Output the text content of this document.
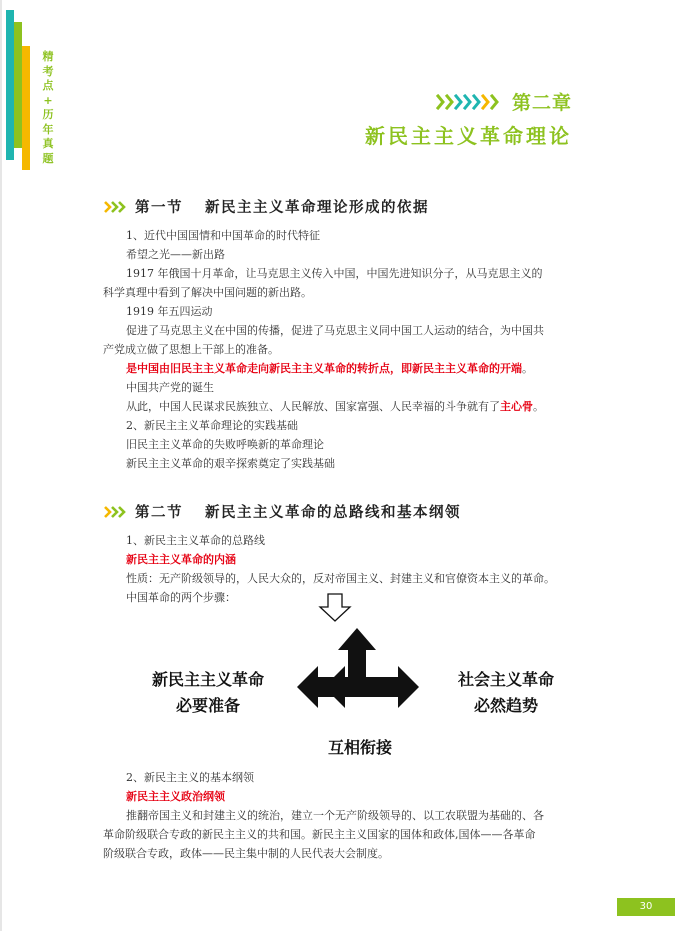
精
考
点
+
历
年
真
题
第二章
新民主主义革命理论
第一节 新民主主义革命理论形成的依据
1、近代中国国情和中国革命的时代特征
希望之光——新出路
1917 年俄国十月革命，让马克思主义传入中国，中国先进知识分子，从马克思主义的
科学真理中看到了解决中国问题的新出路。
1919 年五四运动
促进了马克思主义在中国的传播，促进了马克思主义同中国工人运动的结合，为中国共
产党成立做了思想上干部上的准备。
是中国由旧民主主义革命走向新民主主义革命的转折点，即新民主主义革命的开端。
中国共产党的诞生
从此，中国人民谋求民族独立、人民解放、国家富强、人民幸福的斗争就有了主心骨。
2、新民主主义革命理论的实践基础
旧民主主义革命的失败呼唤新的革命理论
新民主主义革命的艰辛探索奠定了实践基础
第二节 新民主主义革命的总路线和基本纲领
1、新民主主义革命的总路线
新民主主义革命的内涵
性质：无产阶级领导的，人民大众的，反对帝国主义、封建主义和官僚资本主义的革命。
中国革命的两个步骤：
新民主主义革命
必要准备
社会主义革命
必然趋势
互相衔接
2、新民主主义的基本纲领
新民主主义政治纲领
推翻帝国主义和封建主义的统治，建立一个无产阶级领导的、以工农联盟为基础的、各
革命阶级联合专政的新民主主义的共和国。新民主主义国家的国体和政体,国体——各革命
阶级联合专政，政体——民主集中制的人民代表大会制度。
30
